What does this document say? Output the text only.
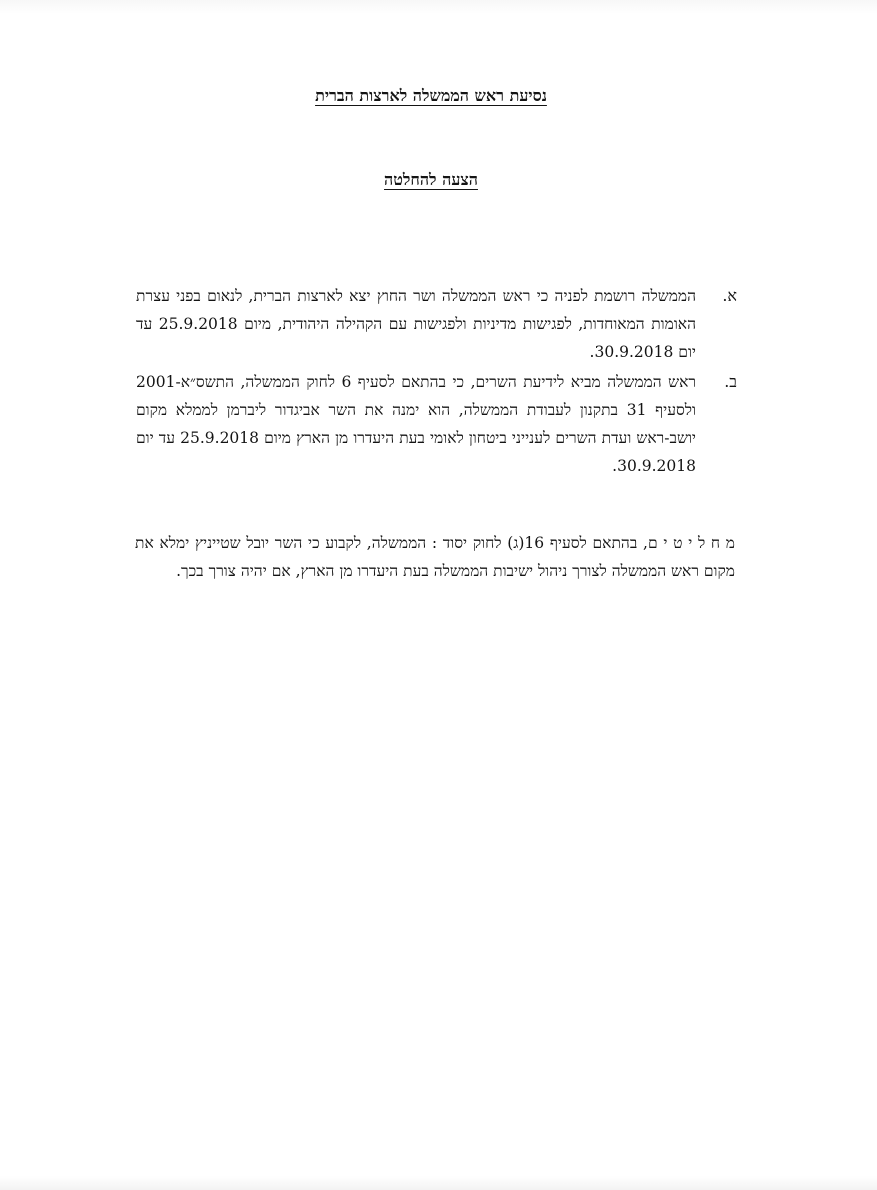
נסיעת ראש הממשלה לארצות הברית
הצעה להחלטה
א.
הממשלה רושמת לפניה כי ראש הממשלה ושר החוץ יצא לארצות הברית, לנאום בפני עצרת האומות המאוחדות, לפגישות מדיניות ולפגישות עם הקהילה היהודית, מיום 25.9.2018 עד יום 30.9.2018.
ב.
ראש הממשלה מביא לידיעת השרים, כי בהתאם לסעיף 6 לחוק הממשלה, התשס״א-2001 ולסעיף 31 בתקנון לעבודת הממשלה, הוא ימנה את השר אביגדור ליברמן לממלא מקום יושב-ראש ועדת השרים לענייני ביטחון לאומי בעת היעדרו מן הארץ מיום 25.9.2018 עד יום 30.9.2018.
מ ח ל י ט י ם, בהתאם לסעיף 16(ג) לחוק יסוד : הממשלה, לקבוע כי השר יובל שטייניץ ימלא את מקום ראש הממשלה לצורך ניהול ישיבות הממשלה בעת היעדרו מן הארץ, אם יהיה צורך בכך.
